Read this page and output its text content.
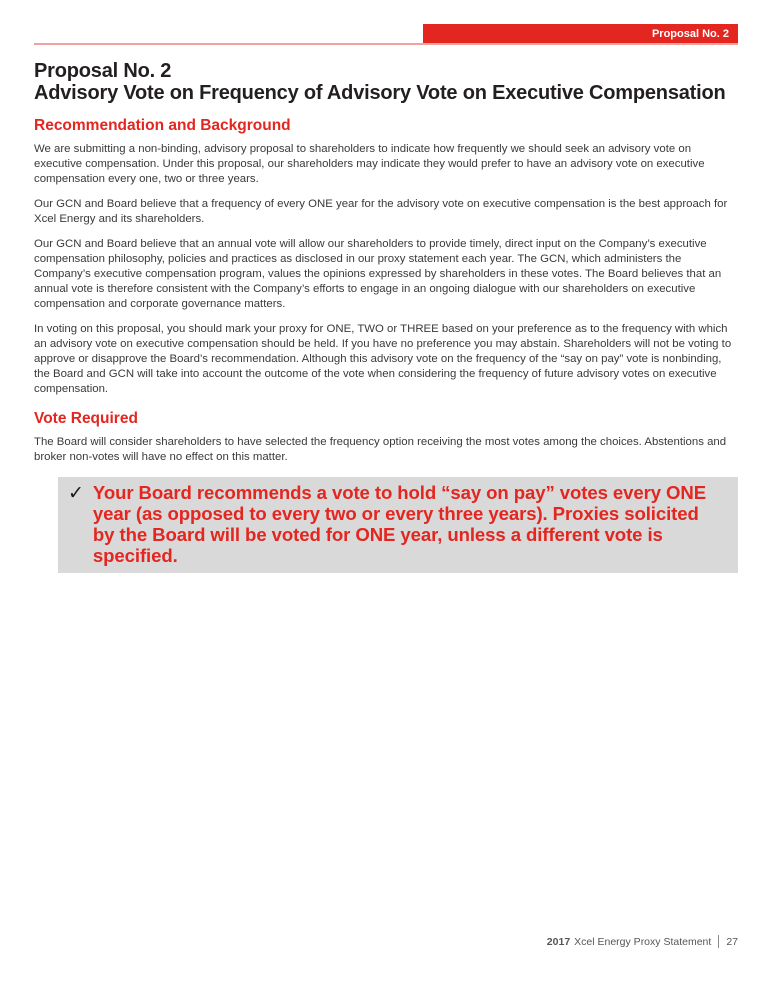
Proposal No. 2
Proposal No. 2
Advisory Vote on Frequency of Advisory Vote on Executive Compensation
Recommendation and Background

We are submitting a non-binding, advisory proposal to shareholders to indicate how frequently we should seek an advisory vote on executive compensation. Under this proposal, our shareholders may indicate they would prefer to have an advisory vote on executive compensation every one, two or three years.

Our GCN and Board believe that a frequency of every ONE year for the advisory vote on executive compensation is the best approach for Xcel Energy and its shareholders.

Our GCN and Board believe that an annual vote will allow our shareholders to provide timely, direct input on the Company’s executive compensation philosophy, policies and practices as disclosed in our proxy statement each year. The GCN, which administers the Company’s executive compensation program, values the opinions expressed by shareholders in these votes. The Board believes that an annual vote is therefore consistent with the Company’s efforts to engage in an ongoing dialogue with our shareholders on executive compensation and corporate governance matters.

In voting on this proposal, you should mark your proxy for ONE, TWO or THREE based on your preference as to the frequency with which an advisory vote on executive compensation should be held. If you have no preference you may abstain. Shareholders will not be voting to approve or disapprove the Board’s recommendation. Although this advisory vote on the frequency of the “say on pay” vote is nonbinding, the Board and GCN will take into account the outcome of the vote when considering the frequency of future advisory votes on executive compensation.

Vote Required

The Board will consider shareholders to have selected the frequency option receiving the most votes among the choices. Abstentions and broker non-votes will have no effect on this matter.

✓ Your Board recommends a vote to hold “say on pay” votes every ONE year (as opposed to every two or every three years). Proxies solicited by the Board will be voted for ONE year, unless a different vote is specified.
2017 Xcel Energy Proxy Statement 27
